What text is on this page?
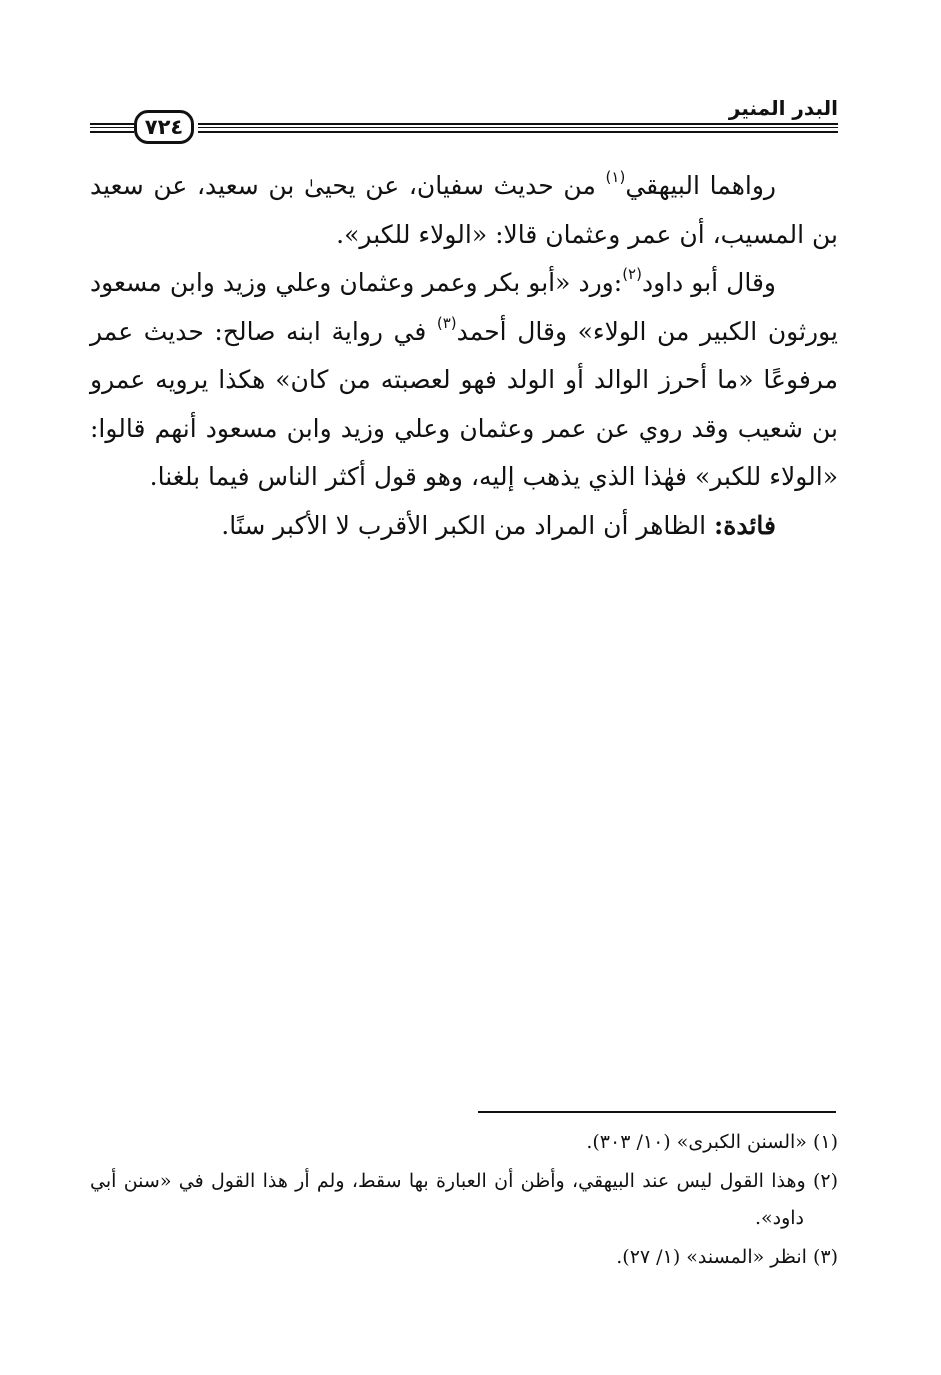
البدر المنير
٧٢٤

رواهما البيهقي$^{(١)}$ من حديث سفيان، عن يحيىٰ بن سعيد، عن سعيد بن المسيب، أن عمر وعثمان قالا: «الولاء للكبر».

وقال أبو داود$^{(٢)}$:ورد «أبو بكر وعمر وعثمان وعلي وزيد وابن مسعود يورثون الكبير من الولاء» وقال أحمد$^{(٣)}$ في رواية ابنه صالح: حديث عمر مرفوعًا «ما أحرز الوالد أو الولد فهو لعصبته من كان» هكذا يرويه عمرو بن شعيب وقد روي عن عمر وعثمان وعلي وزيد وابن مسعود أنهم قالوا: «الولاء للكبر» فهٰذا الذي يذهب إليه، وهو قول أكثر الناس فيما بلغنا.

فائدة: الظاهر أن المراد من الكبر الأقرب لا الأكبر سنًا.

(١) «السنن الكبرى» (١٠/ ٣٠٣).

(٢) وهذا القول ليس عند البيهقي، وأظن أن العبارة بها سقط، ولم أر هذا القول في «سنن أبي داود».

(٣) انظر «المسند» (١/ ٢٧).
